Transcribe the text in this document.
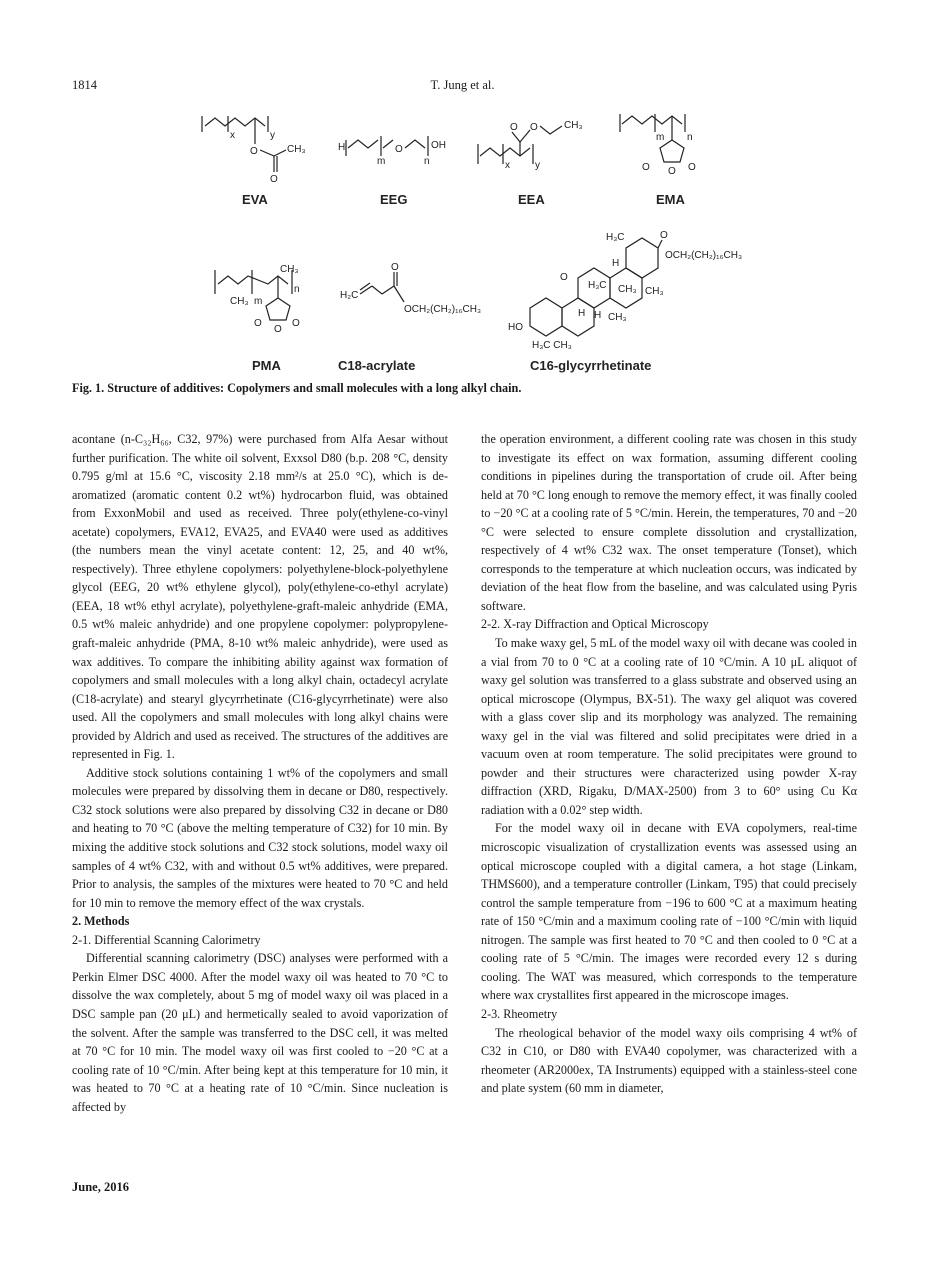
1814	T. Jung et al.
O
O
CH₃
x	y
H
m
O
n
OH
O O	CH₃
x	y
m n
O O O
EVA	EEG	EEA	EMA
CH₃ m
n
CH₃
O
O
O
H₂C
O
OCH₂(CH₂)₁₆CH₃
O
OCH₂(CH₂)₁₆CH₃
H₃C
O
H₃C CH₃ CH₃
H H CH₃
H
HO
H₃C CH₃
PMA	C18-acrylate	C16-glycyrrhetinate
Fig. 1. Structure of additives: Copolymers and small molecules with a long alkyl chain.

acontane (n-C₃₂H₆₆, C32, 97%) were purchased from Alfa Aesar without further purification. The white oil solvent, Exxsol D80 (b.p. 208 °C, density 0.795 g/ml at 15.6 °C, viscosity 2.18 mm²/s at 25.0 °C), which is de-aromatized (aromatic content 0.2 wt%) hydrocarbon fluid, was obtained from ExxonMobil and used as received. Three poly(ethylene-co-vinyl acetate) copolymers, EVA12, EVA25, and EVA40 were used as additives (the numbers mean the vinyl acetate content: 12, 25, and 40 wt%, respectively). Three ethylene copolymers: polyethylene-block-polyethylene glycol (EEG, 20 wt% ethylene glycol), poly(ethylene-co-ethyl acrylate) (EEA, 18 wt% ethyl acrylate), polyethylene-graft-maleic anhydride (EMA, 0.5 wt% maleic anhydride) and one propylene copolymer: polypropylene-graft-maleic anhydride (PMA, 8-10 wt% maleic anhydride), were used as wax additives. To compare the inhibiting ability against wax formation of copolymers and small molecules with a long alkyl chain, octadecyl acrylate (C18-acrylate) and stearyl glycyrrhetinate (C16-glycyrrhetinate) were also used. All the copolymers and small molecules with long alkyl chains were provided by Aldrich and used as received. The structures of the additives are represented in Fig. 1.

Additive stock solutions containing 1 wt% of the copolymers and small molecules were prepared by dissolving them in decane or D80, respectively. C32 stock solutions were also prepared by dissolving C32 in decane or D80 and heating to 70 °C (above the melting temperature of C32) for 10 min. By mixing the additive stock solutions and C32 stock solutions, model waxy oil samples of 4 wt% C32, with and without 0.5 wt% additives, were prepared. Prior to analysis, the samples of the mixtures were heated to 70 °C and held for 10 min to remove the memory effect of the wax crystals.

2. Methods
2-1. Differential Scanning Calorimetry

Differential scanning calorimetry (DSC) analyses were performed with a Perkin Elmer DSC 4000. After the model waxy oil was heated to 70 °C to dissolve the wax completely, about 5 mg of model waxy oil was placed in a DSC sample pan (20 μL) and hermetically sealed to avoid vaporization of the solvent. After the sample was transferred to the DSC cell, it was melted at 70 °C for 10 min. The model waxy oil was first cooled to −20 °C at a cooling rate of 10 °C/min. After being kept at this temperature for 10 min, it was heated to 70 °C at a heating rate of 10 °C/min. Since nucleation is affected by

the operation environment, a different cooling rate was chosen in this study to investigate its effect on wax formation, assuming different cooling conditions in pipelines during the transportation of crude oil. After being held at 70 °C long enough to remove the memory effect, it was finally cooled to −20 °C at a cooling rate of 5 °C/min. Herein, the temperatures, 70 and −20 °C were selected to ensure complete dissolution and crystallization, respectively of 4 wt% C32 wax. The onset temperature (Tonset), which corresponds to the temperature at which nucleation occurs, was indicated by deviation of the heat flow from the baseline, and was calculated using Pyris software.

2-2. X-ray Diffraction and Optical Microscopy

To make waxy gel, 5 mL of the model waxy oil with decane was cooled in a vial from 70 to 0 °C at a cooling rate of 10 °C/min. A 10 μL aliquot of waxy gel solution was transferred to a glass substrate and observed using an optical microscope (Olympus, BX-51). The waxy gel aliquot was covered with a glass cover slip and its morphology was analyzed. The remaining waxy gel in the vial was filtered and solid precipitates were dried in a vacuum oven at room temperature. The solid precipitates were ground to powder and their structures were characterized using powder X-ray diffraction (XRD, Rigaku, D/MAX-2500) from 3 to 60° using Cu Kα radiation with a 0.02° step width.

For the model waxy oil in decane with EVA copolymers, real-time microscopic visualization of crystallization events was assessed using an optical microscope coupled with a digital camera, a hot stage (Linkam, THMS600), and a temperature controller (Linkam, T95) that could precisely control the sample temperature from −196 to 600 °C at a maximum heating rate of 150 °C/min and a maximum cooling rate of −100 °C/min with liquid nitrogen. The sample was first heated to 70 °C and then cooled to 0 °C at a cooling rate of 5 °C/min. The images were recorded every 12 s during cooling. The WAT was measured, which corresponds to the temperature where wax crystallites first appeared in the microscope images.

2-3. Rheometry

The rheological behavior of the model waxy oils comprising 4 wt% of C32 in C10, or D80 with EVA40 copolymer, was characterized with a rheometer (AR2000ex, TA Instruments) equipped with a stainless-steel cone and plate system (60 mm in diameter,

June, 2016
